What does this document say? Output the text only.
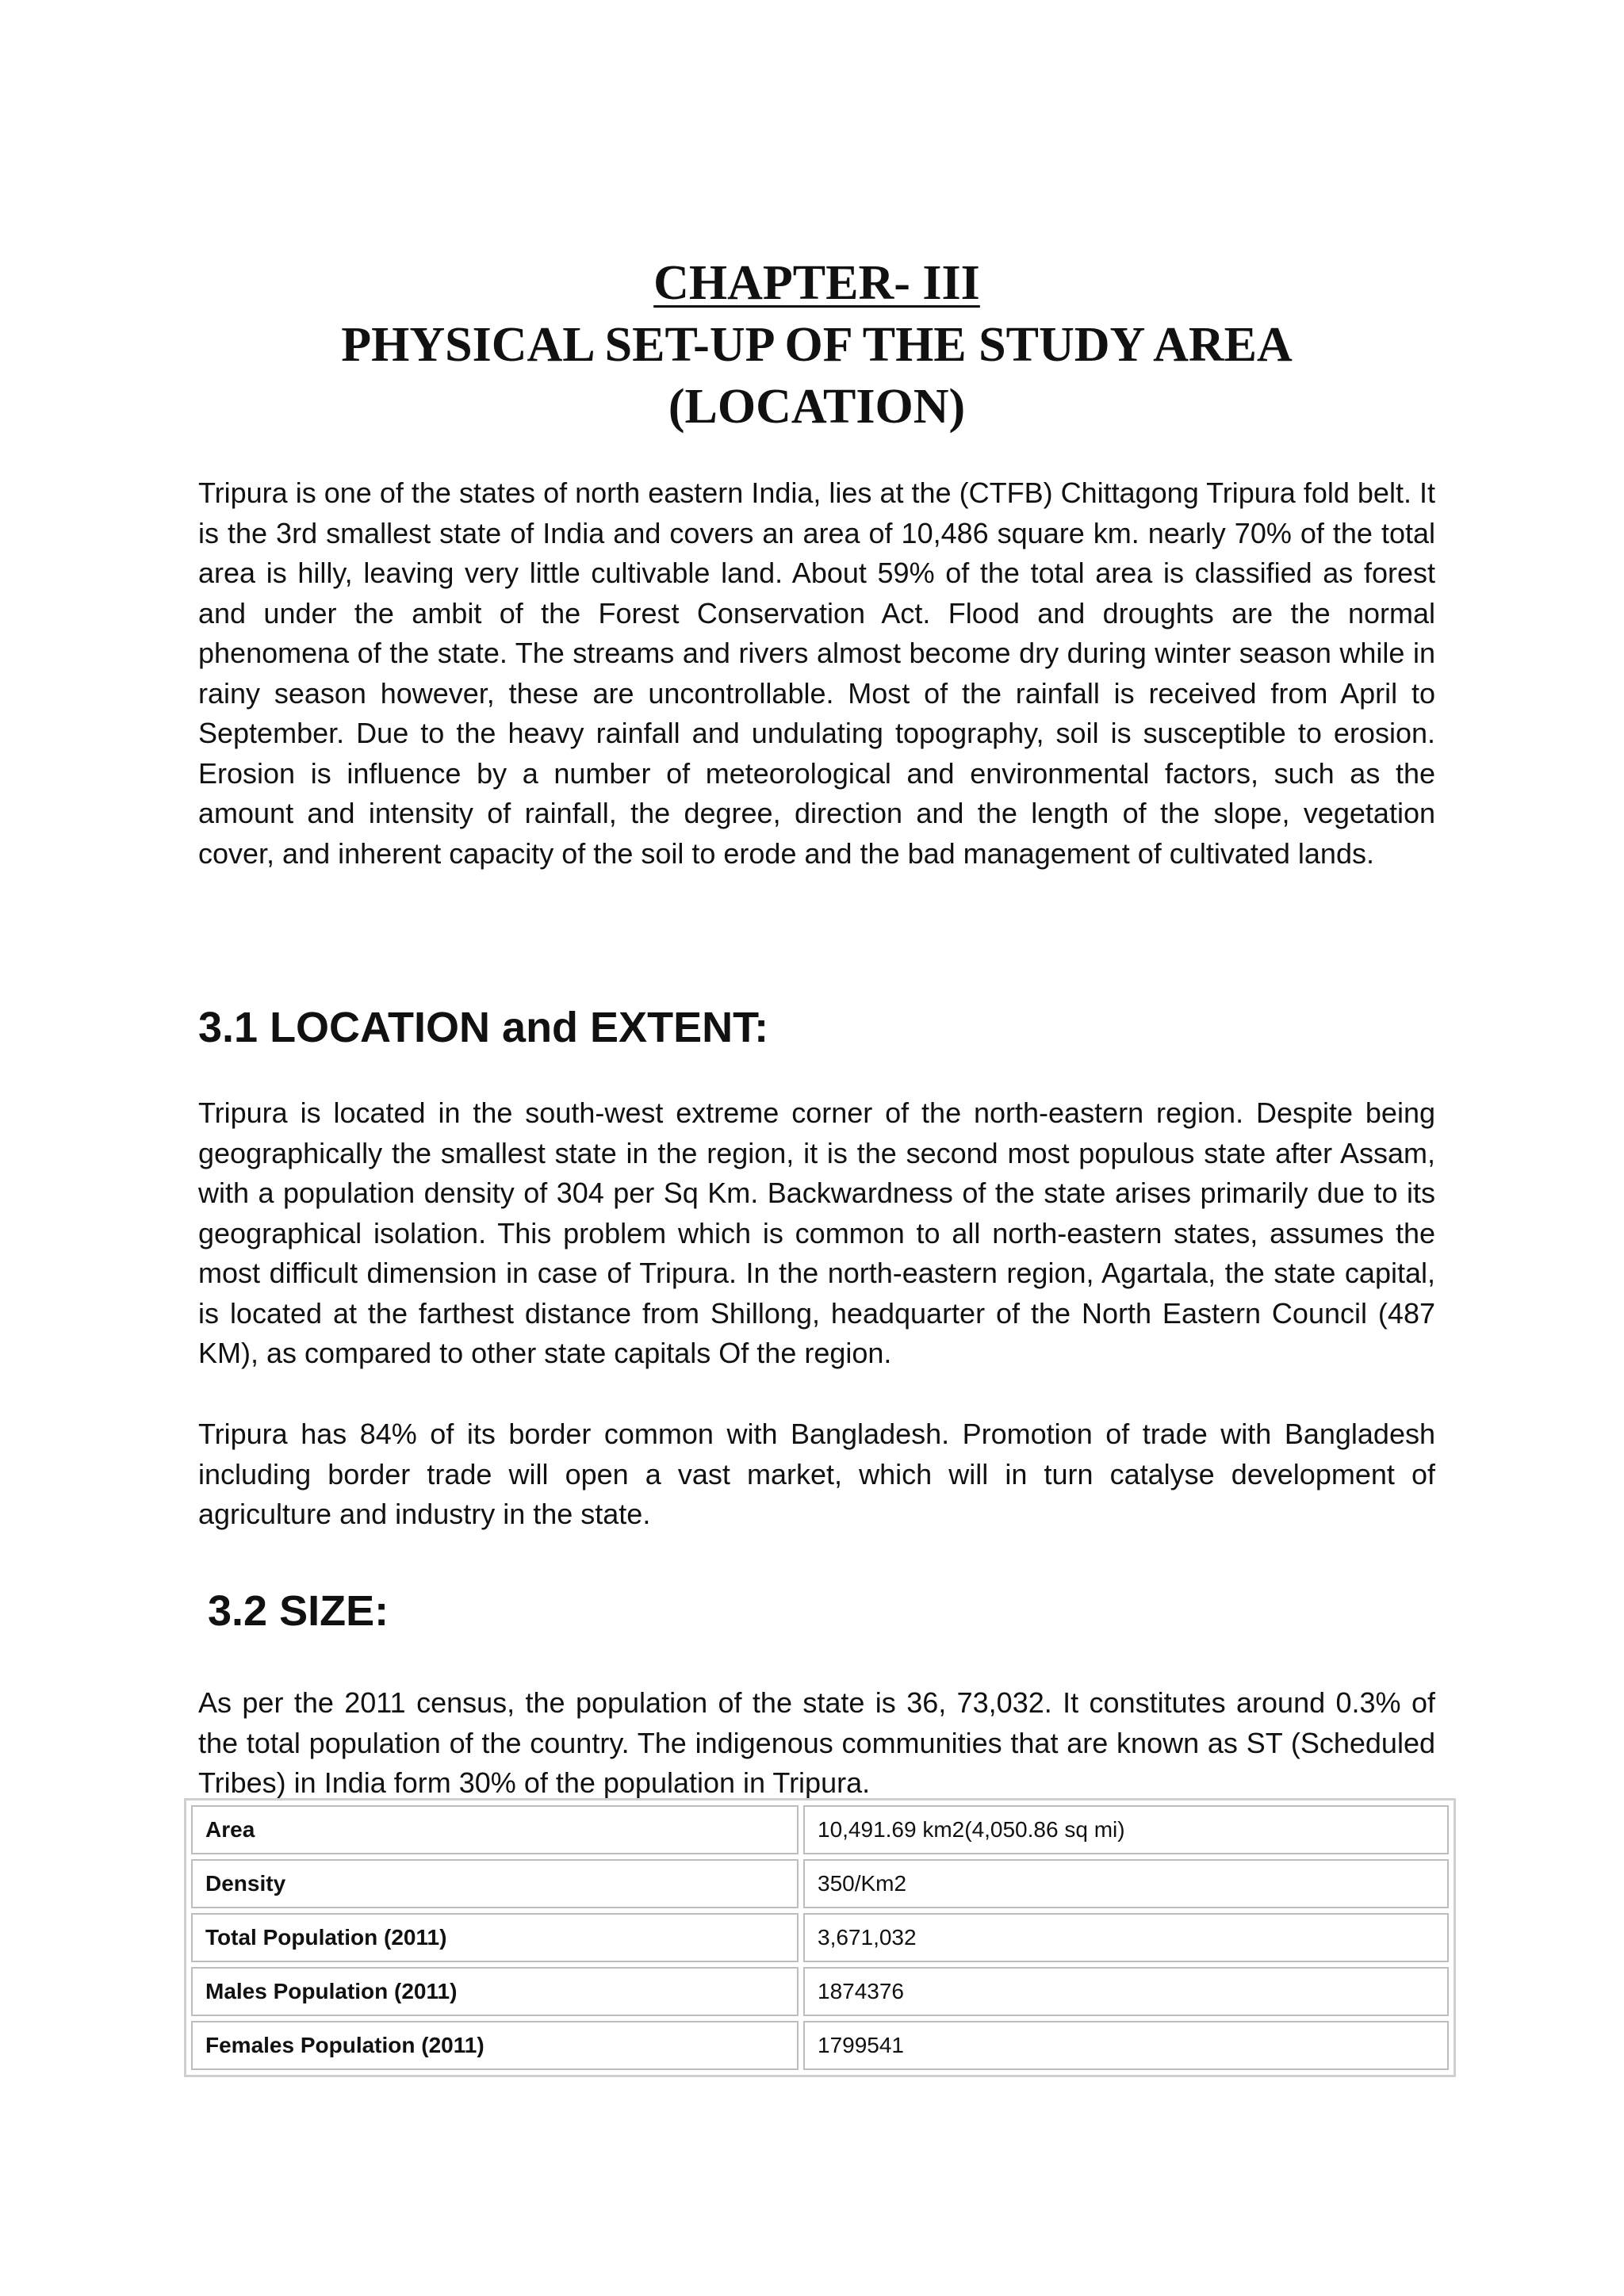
CHAPTER- III
PHYSICAL SET-UP OF THE STUDY AREA
(LOCATION)

Tripura is one of the states of north eastern India, lies at the (CTFB) Chittagong Tripura fold belt. It is the 3rd smallest state of India and covers an area of 10,486 square km. nearly 70% of the total area is hilly, leaving very little cultivable land. About 59% of the total area is classified as forest and under the ambit of the Forest Conservation Act. Flood and droughts are the normal phenomena of the state. The streams and rivers almost become dry during winter season while in rainy season however, these are uncontrollable. Most of the rainfall is received from April to September. Due to the heavy rainfall and undulating topography, soil is susceptible to erosion. Erosion is influence by a number of meteorological and environmental factors, such as the amount and intensity of rainfall, the degree, direction and the length of the slope, vegetation cover, and inherent capacity of the soil to erode and the bad management of cultivated lands.

3.1 LOCATION and EXTENT:

Tripura is located in the south-west extreme corner of the north-eastern region. Despite being geographically the smallest state in the region, it is the second most populous state after Assam, with a population density of 304 per Sq Km. Backwardness of the state arises primarily due to its geographical isolation. This problem which is common to all north-eastern states, assumes the most difficult dimension in case of Tripura. In the north-eastern region, Agartala, the state capital, is located at the farthest distance from Shillong, headquarter of the North Eastern Council (487 KM), as compared to other state capitals Of the region.

Tripura has 84% of its border common with Bangladesh. Promotion of trade with Bangladesh including border trade will open a vast market, which will in turn catalyse development of agriculture and industry in the state.

3.2 SIZE:

As per the 2011 census, the population of the state is 36, 73,032. It constitutes around 0.3% of the total population of the country. The indigenous communities that are known as ST (Scheduled Tribes) in India form 30% of the population in Tripura.

Area	10,491.69 km2(4,050.86 sq mi)
Density	350/Km2
Total Population (2011)	3,671,032
Males Population (2011)	1874376
Females Population (2011)	1799541
